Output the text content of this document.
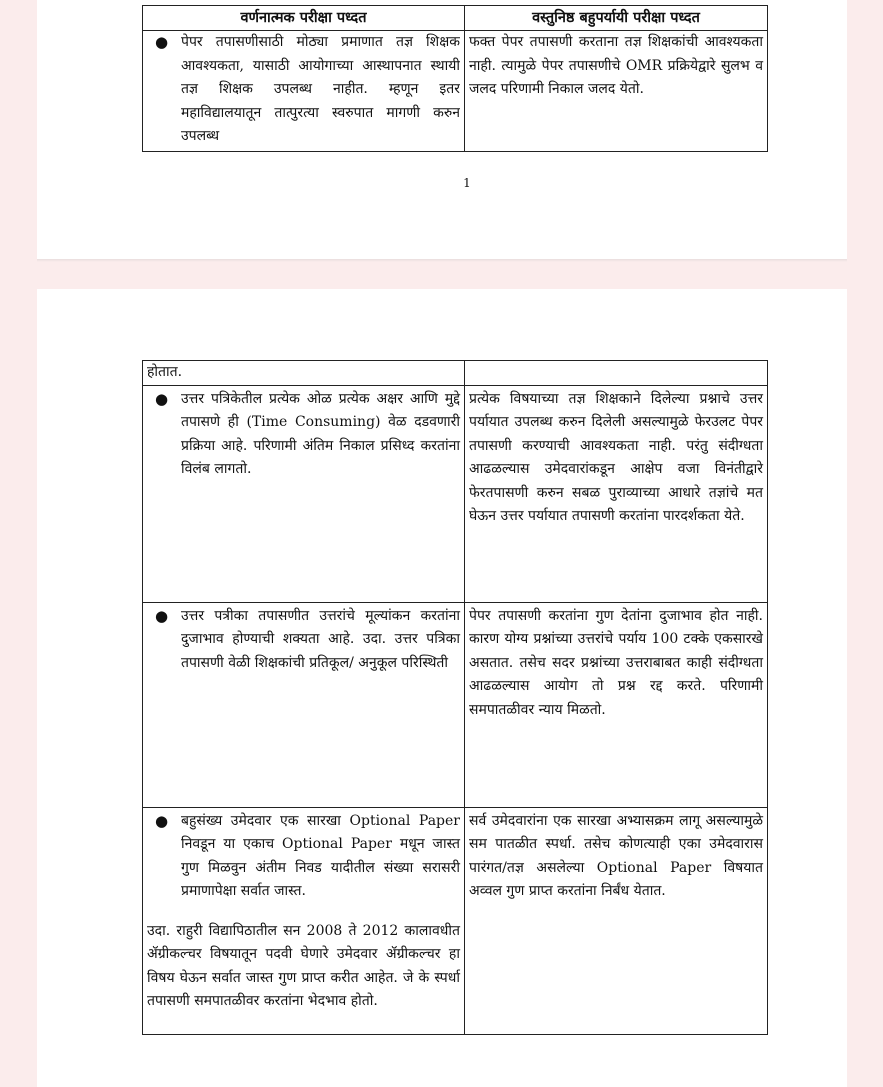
वर्णनात्मक परीक्षा पध्दत	वस्तुनिष्ठ बहुपर्यायी परीक्षा पध्दत

● पेपर तपासणीसाठी मोठ्या प्रमाणात तज्ञ शिक्षक आवश्यकता, यासाठी आयोगाच्या आस्थापनात स्थायी तज्ञ शिक्षक उपलब्ध नाहीत. म्हणून इतर महाविद्यालयातून तात्पुरत्या स्वरुपात मागणी करुन उपलब्ध	फक्त पेपर तपासणी करताना तज्ञ शिक्षकांची आवश्यकता नाही. त्यामुळे पेपर तपासणीचे OMR प्रक्रियेद्वारे सुलभ व जलद परिणामी निकाल जलद येतो.
1
होतात.	

● उत्तर पत्रिकेतील प्रत्येक ओळ प्रत्येक अक्षर आणि मुद्दे तपासणे ही (Time Consuming) वेळ दडवणारी प्रक्रिया आहे. परिणामी अंतिम निकाल प्रसिध्द करतांना विलंब लागतो.	प्रत्येक विषयाच्या तज्ञ शिक्षकाने दिलेल्या प्रश्नाचे उत्तर पर्यायात उपलब्ध करुन दिलेली असल्यामुळे फेरउलट पेपर तपासणी करण्याची आवश्यकता नाही. परंतु संदीग्धता आढळल्यास उमेदवारांकडून आक्षेप वजा विनंतीद्वारे फेरतपासणी करुन सबळ पुराव्याच्या आधारे तज्ञांचे मत घेऊन उत्तर पर्यायात तपासणी करतांना पारदर्शकता येते.

● उत्तर पत्रीका तपासणीत उत्तरांचे मूल्यांकन करतांना दुजाभाव होण्याची शक्यता आहे. उदा. उत्तर पत्रिका तपासणी वेळी शिक्षकांची प्रतिकूल/ अनुकूल परिस्थिती	पेपर तपासणी करतांना गुण देतांना दुजाभाव होत नाही. कारण योग्य प्रश्नांच्या उत्तरांचे पर्याय 100 टक्के एकसारखे असतात. तसेच सदर प्रश्नांच्या उत्तराबाबत काही संदीग्धता आढळल्यास आयोग तो प्रश्न रद्द करते. परिणामी समपातळीवर न्याय मिळतो.

● बहुसंख्य उमेदवार एक सारखा Optional Paper निवडून या एकाच Optional Paper मधून जास्त गुण मिळवुन अंतीम निवड यादीतील संख्या सरासरी प्रमाणापेक्षा सर्वात जास्त.
उदा. राहुरी विद्यापिठातील सन 2008 ते 2012 कालावधीत ॲग्रीकल्चर विषयातून पदवी घेणारे उमेदवार ॲग्रीकल्चर हा विषय घेऊन सर्वात जास्त गुण प्राप्त करीत आहेत. जे के स्पर्धा तपासणी समपातळीवर करतांना भेदभाव होतो.	सर्व उमेदवारांना एक सारखा अभ्यासक्रम लागू असल्यामुळे सम पातळीत स्पर्धा. तसेच कोणत्याही एका उमेदवारास पारंगत/तज्ञ असलेल्या Optional Paper विषयात अव्वल गुण प्राप्त करतांना निर्बंध येतात.
